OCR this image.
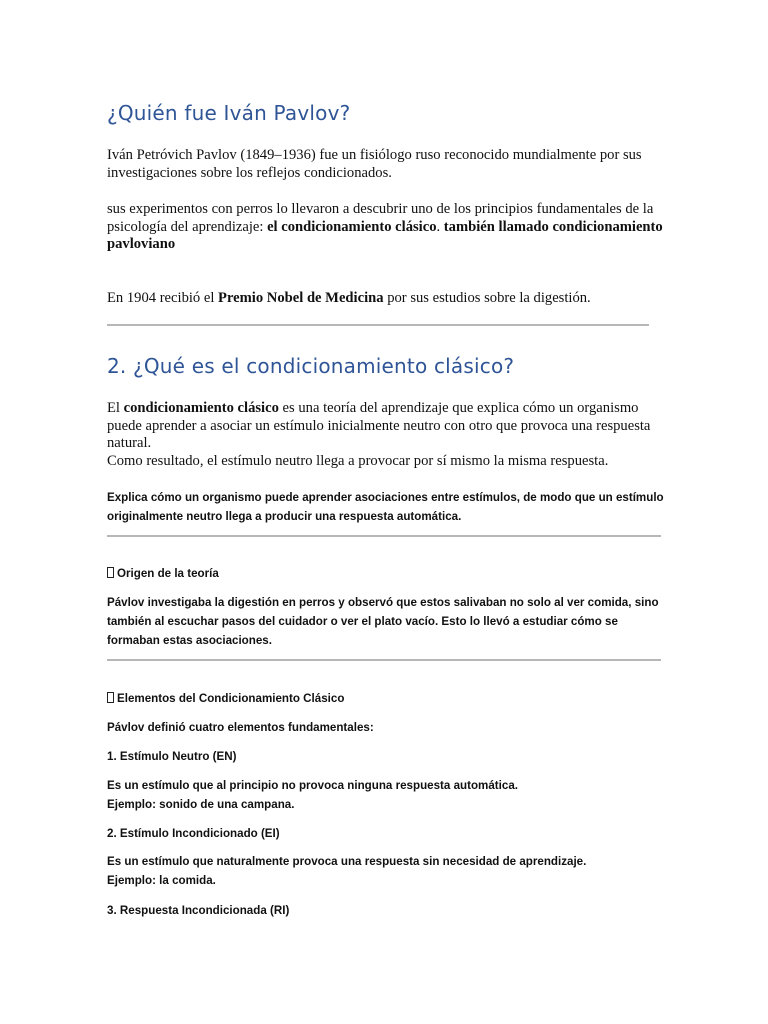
¿Quién fue Iván Pavlov?

Iván Petróvich Pavlov (1849–1936) fue un fisiólogo ruso reconocido mundialmente por sus investigaciones sobre los reflejos condicionados.

sus experimentos con perros lo llevaron a descubrir uno de los principios fundamentales de la psicología del aprendizaje: el condicionamiento clásico. también llamado condicionamiento pavloviano

En 1904 recibió el Premio Nobel de Medicina por sus estudios sobre la digestión.

2. ¿Qué es el condicionamiento clásico?

El condicionamiento clásico es una teoría del aprendizaje que explica cómo un organismo puede aprender a asociar un estímulo inicialmente neutro con otro que provoca una respuesta natural.
Como resultado, el estímulo neutro llega a provocar por sí mismo la misma respuesta.

Explica cómo un organismo puede aprender asociaciones entre estímulos, de modo que un estímulo originalmente neutro llega a producir una respuesta automática.

Origen de la teoría

Pávlov investigaba la digestión en perros y observó que estos salivaban no solo al ver comida, sino también al escuchar pasos del cuidador o ver el plato vacío. Esto lo llevó a estudiar cómo se formaban estas asociaciones.

Elementos del Condicionamiento Clásico

Pávlov definió cuatro elementos fundamentales:

1. Estímulo Neutro (EN)

Es un estímulo que al principio no provoca ninguna respuesta automática.
Ejemplo: sonido de una campana.

2. Estímulo Incondicionado (EI)

Es un estímulo que naturalmente provoca una respuesta sin necesidad de aprendizaje.
Ejemplo: la comida.

3. Respuesta Incondicionada (RI)
